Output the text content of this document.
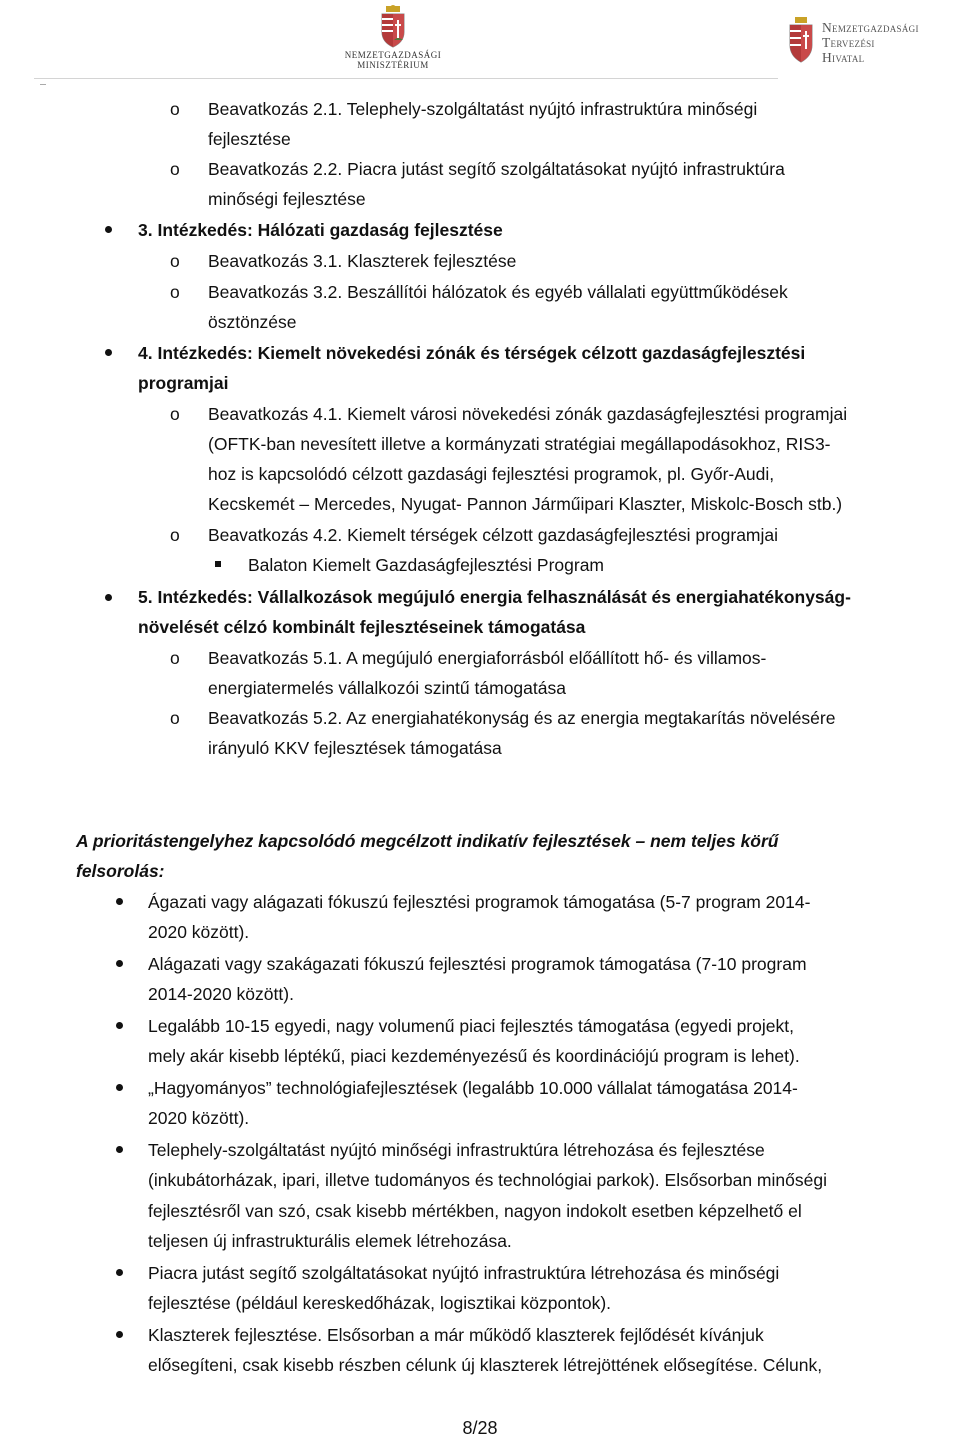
NEMZETGAZDASÁGI
MINISZTÉRIUM
Nemzetgazdasági
Tervezési
Hivatal
o Beavatkozás 2.1. Telephely-szolgáltatást nyújtó infrastruktúra minőségi
fejlesztése
o Beavatkozás 2.2. Piacra jutást segítő szolgáltatásokat nyújtó infrastruktúra
minőségi fejlesztése
3. Intézkedés: Hálózati gazdaság fejlesztése
o Beavatkozás 3.1. Klaszterek fejlesztése
o Beavatkozás 3.2. Beszállítói hálózatok és egyéb vállalati együttműködések
ösztönzése
4. Intézkedés: Kiemelt növekedési zónák és térségek célzott gazdaságfejlesztési
programjai
o Beavatkozás 4.1. Kiemelt városi növekedési zónák gazdaságfejlesztési programjai
(OFTK-ban nevesített illetve a kormányzati stratégiai megállapodásokhoz, RIS3-
hoz is kapcsolódó célzott gazdasági fejlesztési programok, pl. Győr-Audi,
Kecskemét – Mercedes, Nyugat- Pannon Járműipari Klaszter, Miskolc-Bosch stb.)
o Beavatkozás 4.2. Kiemelt térségek célzott gazdaságfejlesztési programjai
Balaton Kiemelt Gazdaságfejlesztési Program
5. Intézkedés: Vállalkozások megújuló energia felhasználását és energiahatékonyság-
növelését célzó kombinált fejlesztéseinek támogatása
o Beavatkozás 5.1. A megújuló energiaforrásból előállított hő- és villamos-
energiatermelés vállalkozói szintű támogatása
o Beavatkozás 5.2. Az energiahatékonyság és az energia megtakarítás növelésére
irányuló KKV fejlesztések támogatása
A prioritástengelyhez kapcsolódó megcélzott indikatív fejlesztések – nem teljes körű
felsorolás:
Ágazati vagy alágazati fókuszú fejlesztési programok támogatása (5-7 program 2014-
2020 között).
Alágazati vagy szakágazati fókuszú fejlesztési programok támogatása (7-10 program
2014-2020 között).
Legalább 10-15 egyedi, nagy volumenű piaci fejlesztés támogatása (egyedi projekt,
mely akár kisebb léptékű, piaci kezdeményezésű és koordinációjú program is lehet).
„Hagyományos” technológiafejlesztések (legalább 10.000 vállalat támogatása 2014-
2020 között).
Telephely-szolgáltatást nyújtó minőségi infrastruktúra létrehozása és fejlesztése
(inkubátorházak, ipari, illetve tudományos és technológiai parkok). Elsősorban minőségi
fejlesztésről van szó, csak kisebb mértékben, nagyon indokolt esetben képzelhető el
teljesen új infrastrukturális elemek létrehozása.
Piacra jutást segítő szolgáltatásokat nyújtó infrastruktúra létrehozása és minőségi
fejlesztése (például kereskedőházak, logisztikai központok).
Klaszterek fejlesztése. Elsősorban a már működő klaszterek fejlődését kívánjuk
elősegíteni, csak kisebb részben célunk új klaszterek létrejöttének elősegítése. Célunk,
8/28
